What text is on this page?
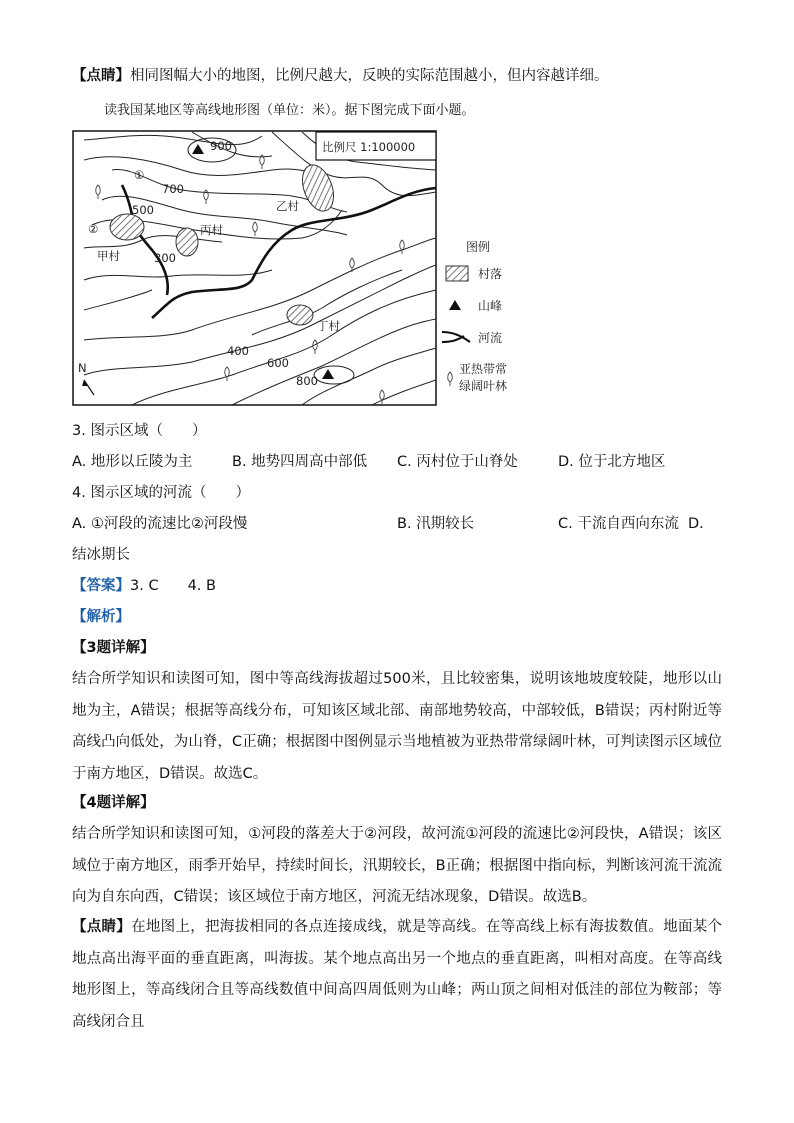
【点睛】相同图幅大小的地图，比例尺越大，反映的实际范围越小，但内容越详细。
读我国某地区等高线地形图（单位：米）。据下图完成下面小题。
比例尺 1:100000
N
900
700
500
300
400
600
800
①
②
甲村
乙村
丙村
丁村
图例
村落
山峰
河流
亚热带常
绿阔叶林
3. 图示区域（　　）
A. 地形以丘陵为主	B. 地势四周高中部低 C. 丙村位于山脊处	D. 位于北方地区
4. 图示区域的河流（　　）
A. ①河段的流速比②河段慢	B. 汛期较长	C. 干流自西向东流 D.
结冰期长
【答案】3. C　　4. B
【解析】
【3题详解】
结合所学知识和读图可知，图中等高线海拔超过500米，且比较密集，说明该地坡度较陡，地形以山地为主，A错误；根据等高线分布，可知该区域北部、南部地势较高，中部较低，B错误；丙村附近等高线凸向低处，为山脊，C正确；根据图中图例显示当地植被为亚热带常绿阔叶林，可判读图示区域位于南方地区，D错误。故选C。
【4题详解】
结合所学知识和读图可知，①河段的落差大于②河段，故河流①河段的流速比②河段快，A错误；该区域位于南方地区，雨季开始早，持续时间长，汛期较长，B正确；根据图中指向标，判断该河流干流流向为自东向西，C错误；该区域位于南方地区，河流无结冰现象，D错误。故选B。
【点睛】在地图上，把海拔相同的各点连接成线，就是等高线。在等高线上标有海拔数值。地面某个地点高出海平面的垂直距离，叫海拔。某个地点高出另一个地点的垂直距离，叫相对高度。在等高线地形图上，等高线闭合且等高线数值中间高四周低则为山峰；两山顶之间相对低洼的部位为鞍部；等高线闭合且
